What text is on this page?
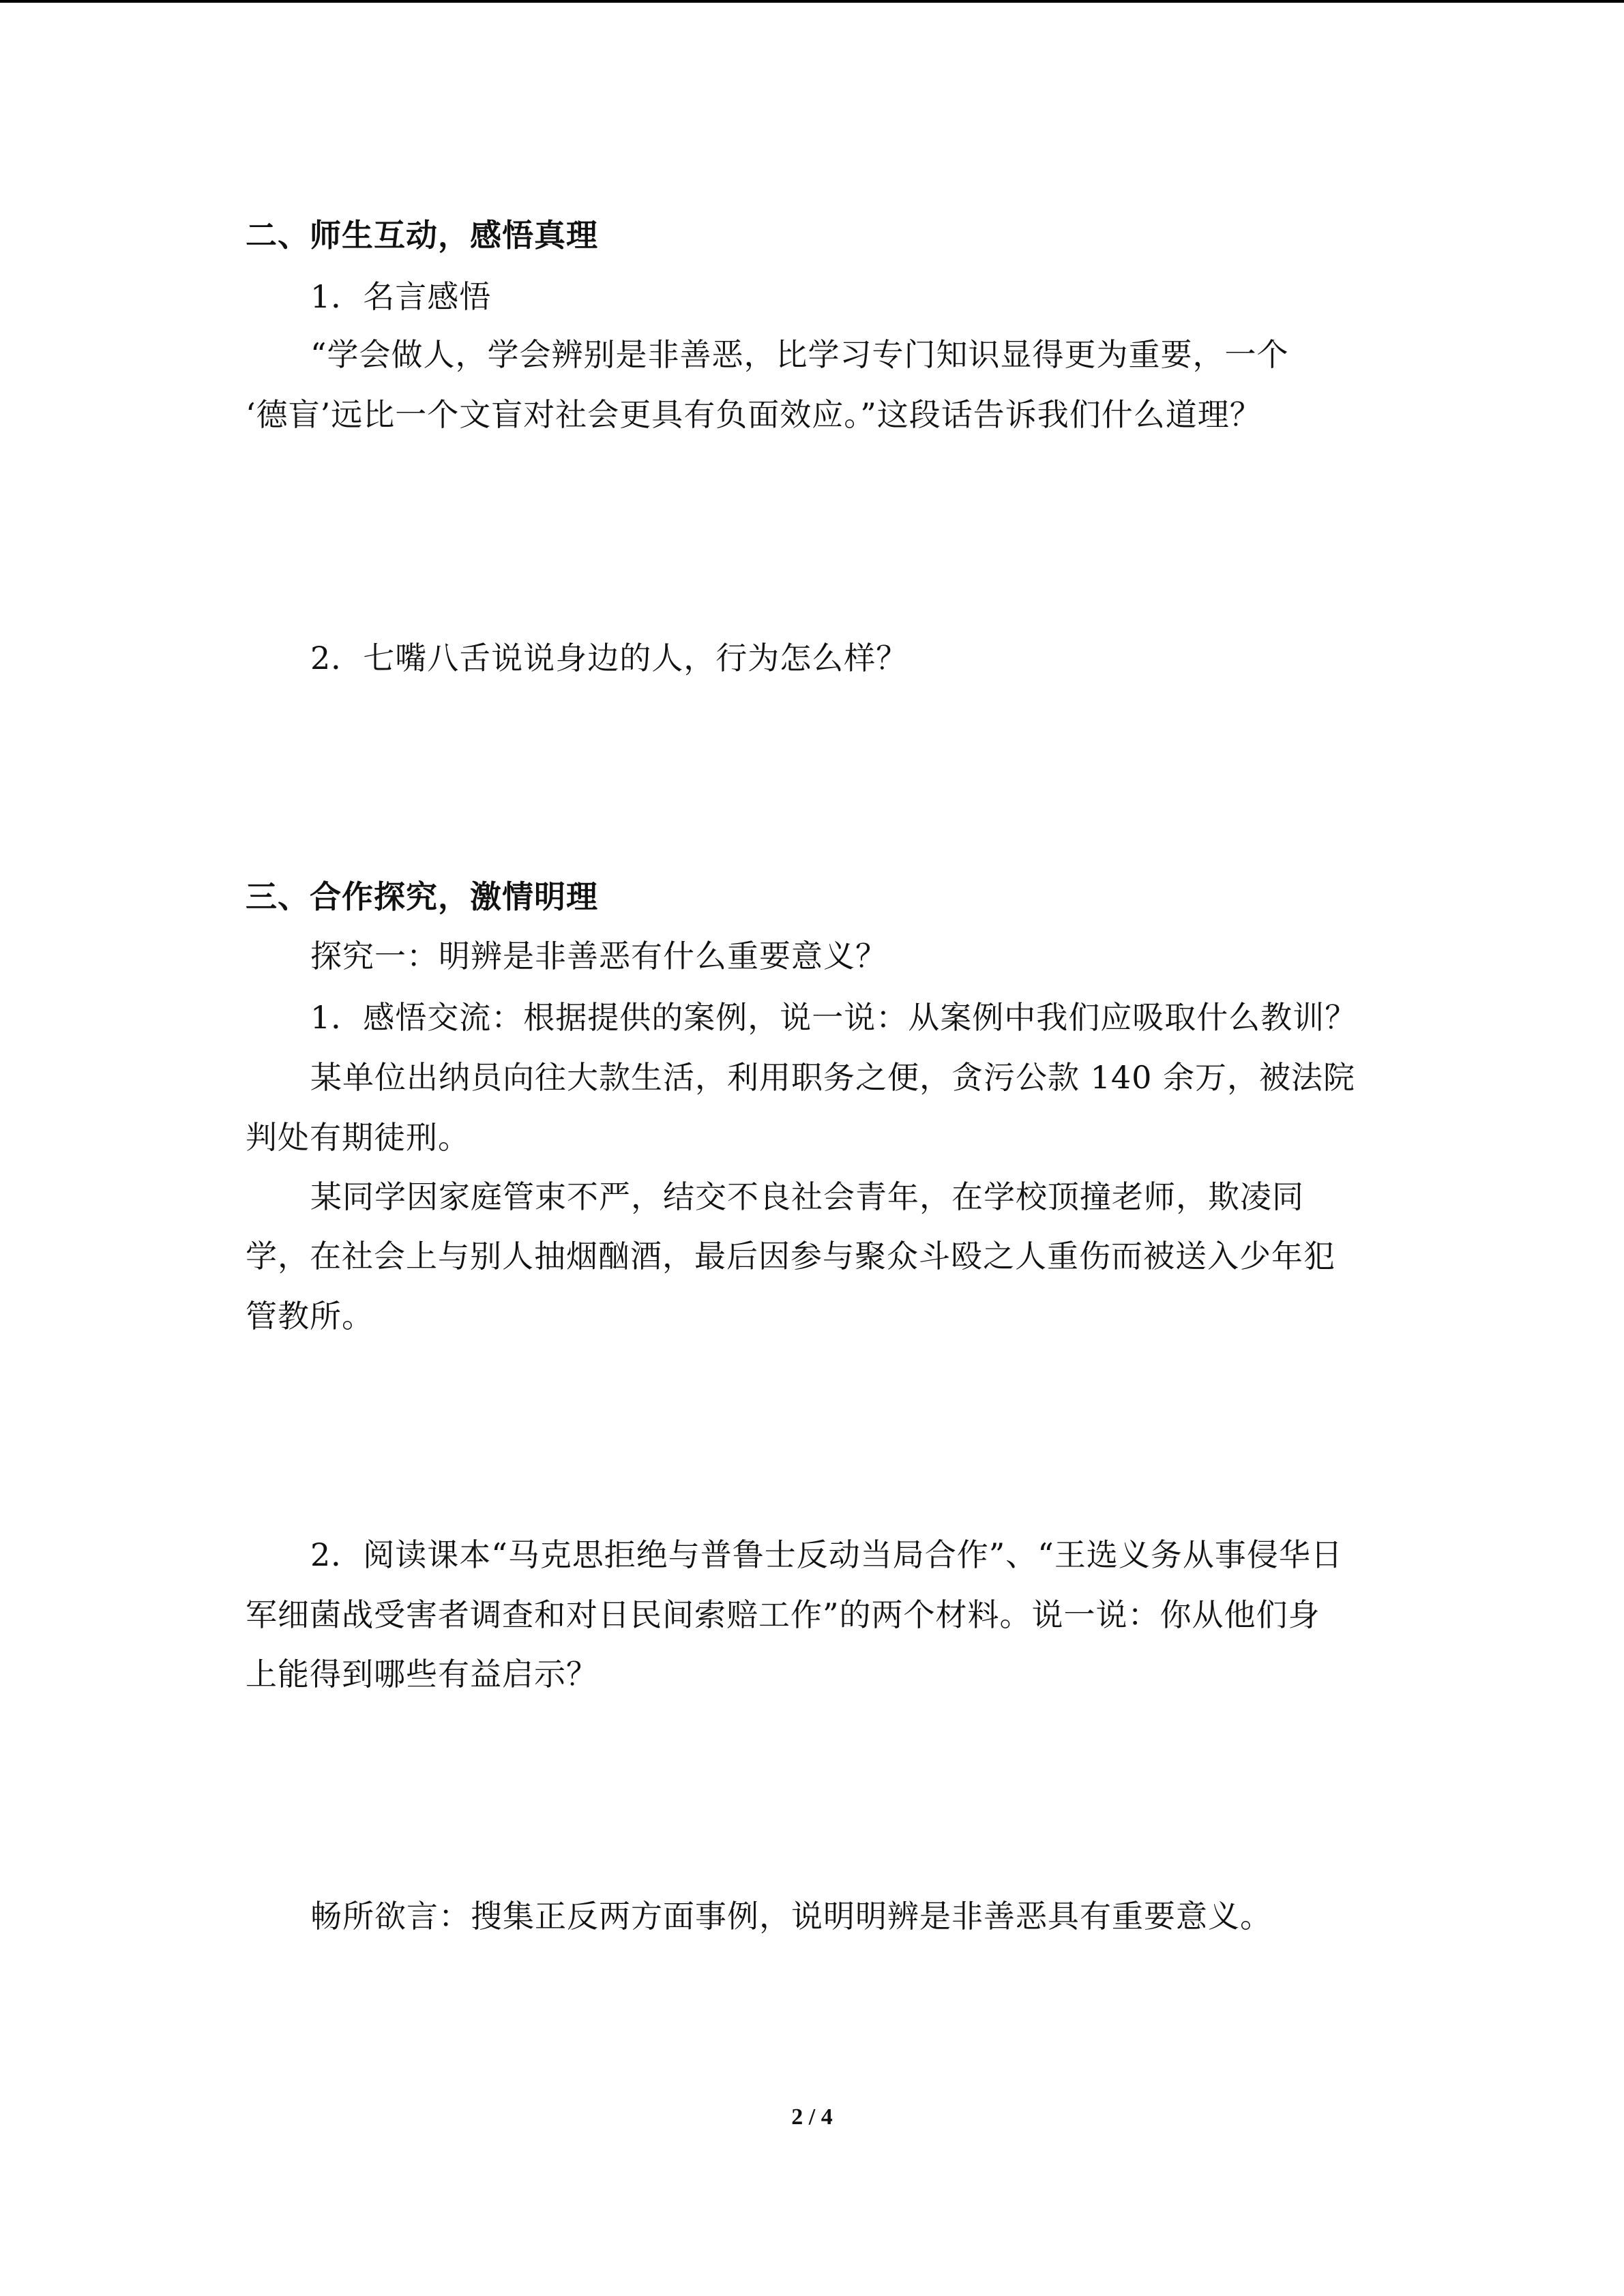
二、师生互动，感悟真理
1．名言感悟
“学会做人，学会辨别是非善恶，比学习专门知识显得更为重要，一个
‘德盲’远比一个文盲对社会更具有负面效应。”这段话告诉我们什么道理？
2．七嘴八舌说说身边的人，行为怎么样？
三、合作探究，激情明理
探究一：明辨是非善恶有什么重要意义？
1．感悟交流：根据提供的案例，说一说：从案例中我们应吸取什么教训？
某单位出纳员向往大款生活，利用职务之便，贪污公款 140 余万，被法院
判处有期徒刑。
某同学因家庭管束不严，结交不良社会青年，在学校顶撞老师，欺凌同
学，在社会上与别人抽烟酗酒，最后因参与聚众斗殴之人重伤而被送入少年犯
管教所。
2．阅读课本“马克思拒绝与普鲁士反动当局合作”、“王选义务从事侵华日
军细菌战受害者调查和对日民间索赔工作”的两个材料。说一说：你从他们身
上能得到哪些有益启示？
畅所欲言：搜集正反两方面事例，说明明辨是非善恶具有重要意义。
2 / 4
